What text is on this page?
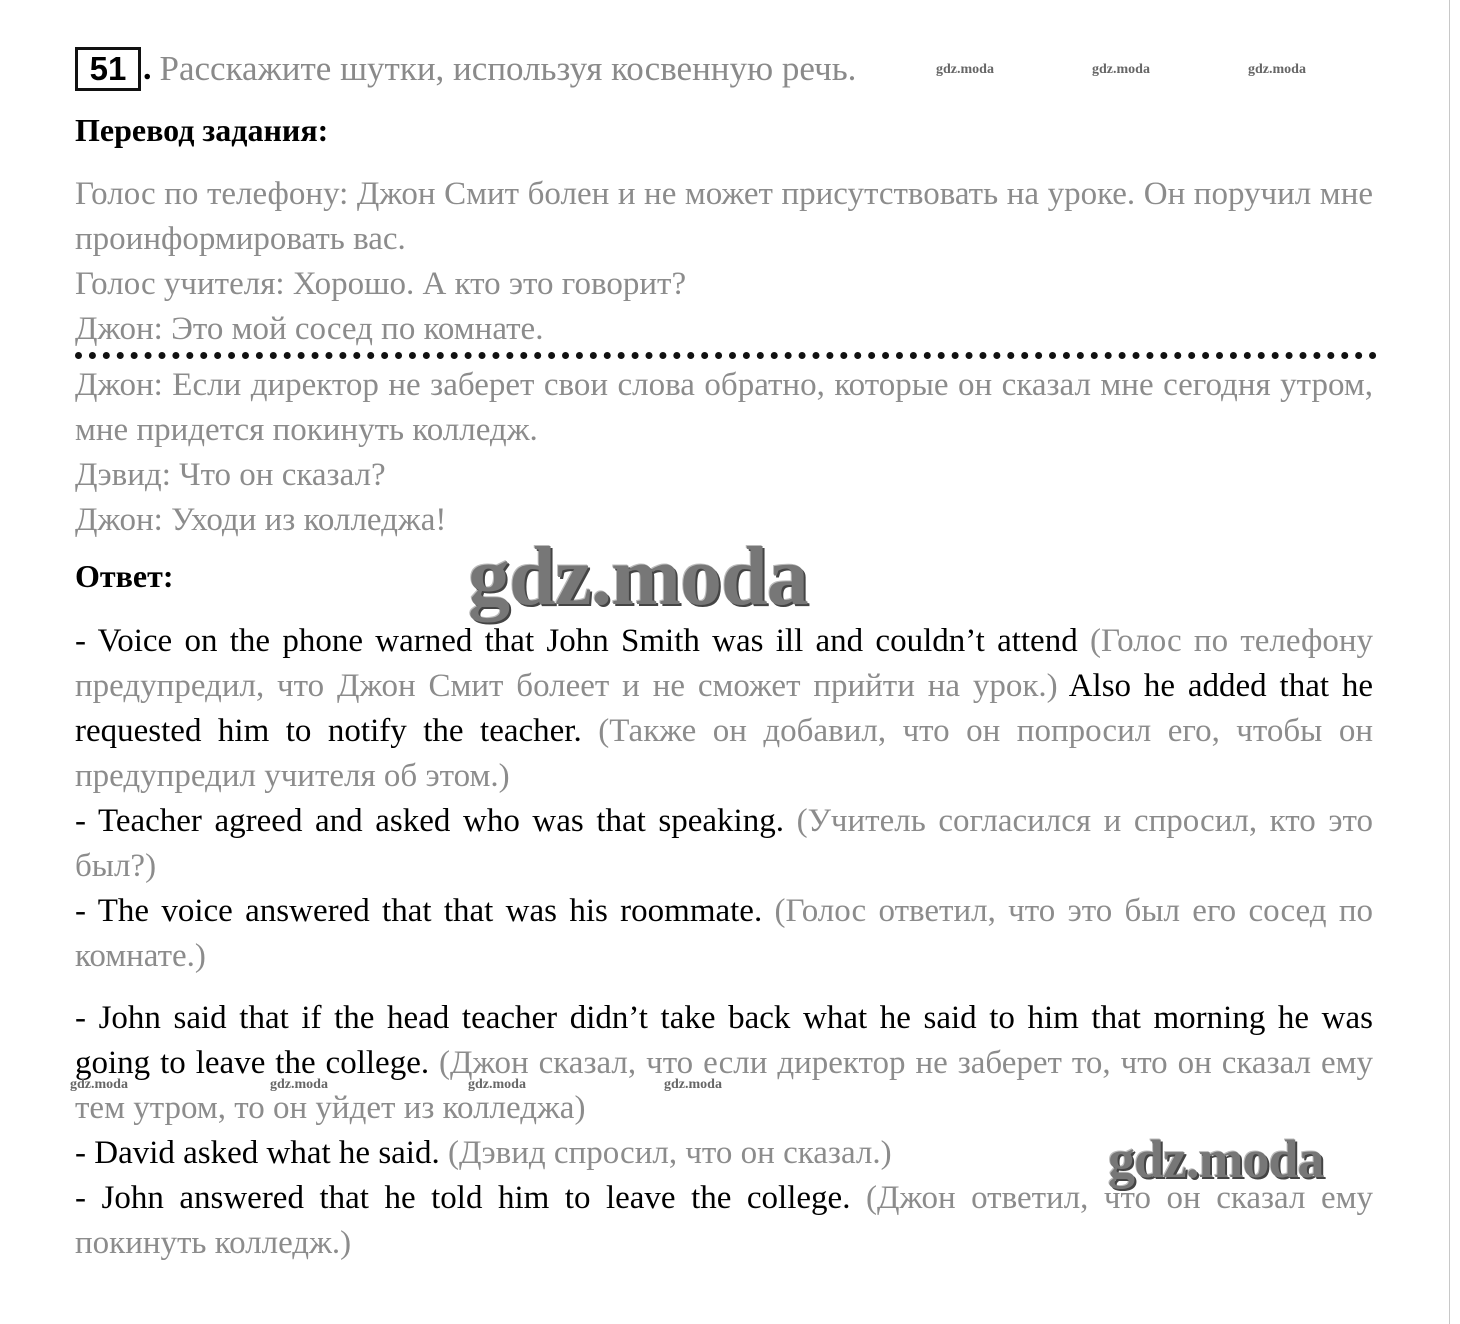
51 . Расскажите шутки, используя косвенную речь.	gdz.moda	gdz.moda	gdz.moda
Перевод задания:

Голос по телефону: Джон Смит болен и не может присутствовать на уроке. Он поручил мне проинформировать вас.

Голос учителя: Хорошо. А кто это говорит?

Джон: Это мой сосед по комнате.

Джон: Если директор не заберет свои слова обратно, которые он сказал мне сегодня утром, мне придется покинуть колледж.

Дэвид: Что он сказал?

Джон: Уходи из колледжа!

Ответ:	gdz.moda

- Voice on the phone warned that John Smith was ill and couldn’t attend (Голос по телефону предупредил, что Джон Смит болеет и не сможет прийти на урок.) Also he added that he requested him to notify the teacher. (Также он добавил, что он попросил его, чтобы он предупредил учителя об этом.)

- Teacher agreed and asked who was that speaking. (Учитель согласился и спросил, кто это был?)

- The voice answered that that was his roommate. (Голос ответил, что это был его сосед по комнате.)

- John said that if the head teacher didn’t take back what he said to him that morning he was going to leave the college. (Джон сказал, что если директор не заберет то, что он сказал ему тем утром, то он уйдет из колледжа)

- David asked what he said. (Дэвид спросил, что он сказал.)

- John answered that he told him to leave the college. (Джон ответил, что он сказал ему покинуть колледж.)

gdz.moda	gdz.moda	gdz.moda	gdz.moda
gdz.moda
